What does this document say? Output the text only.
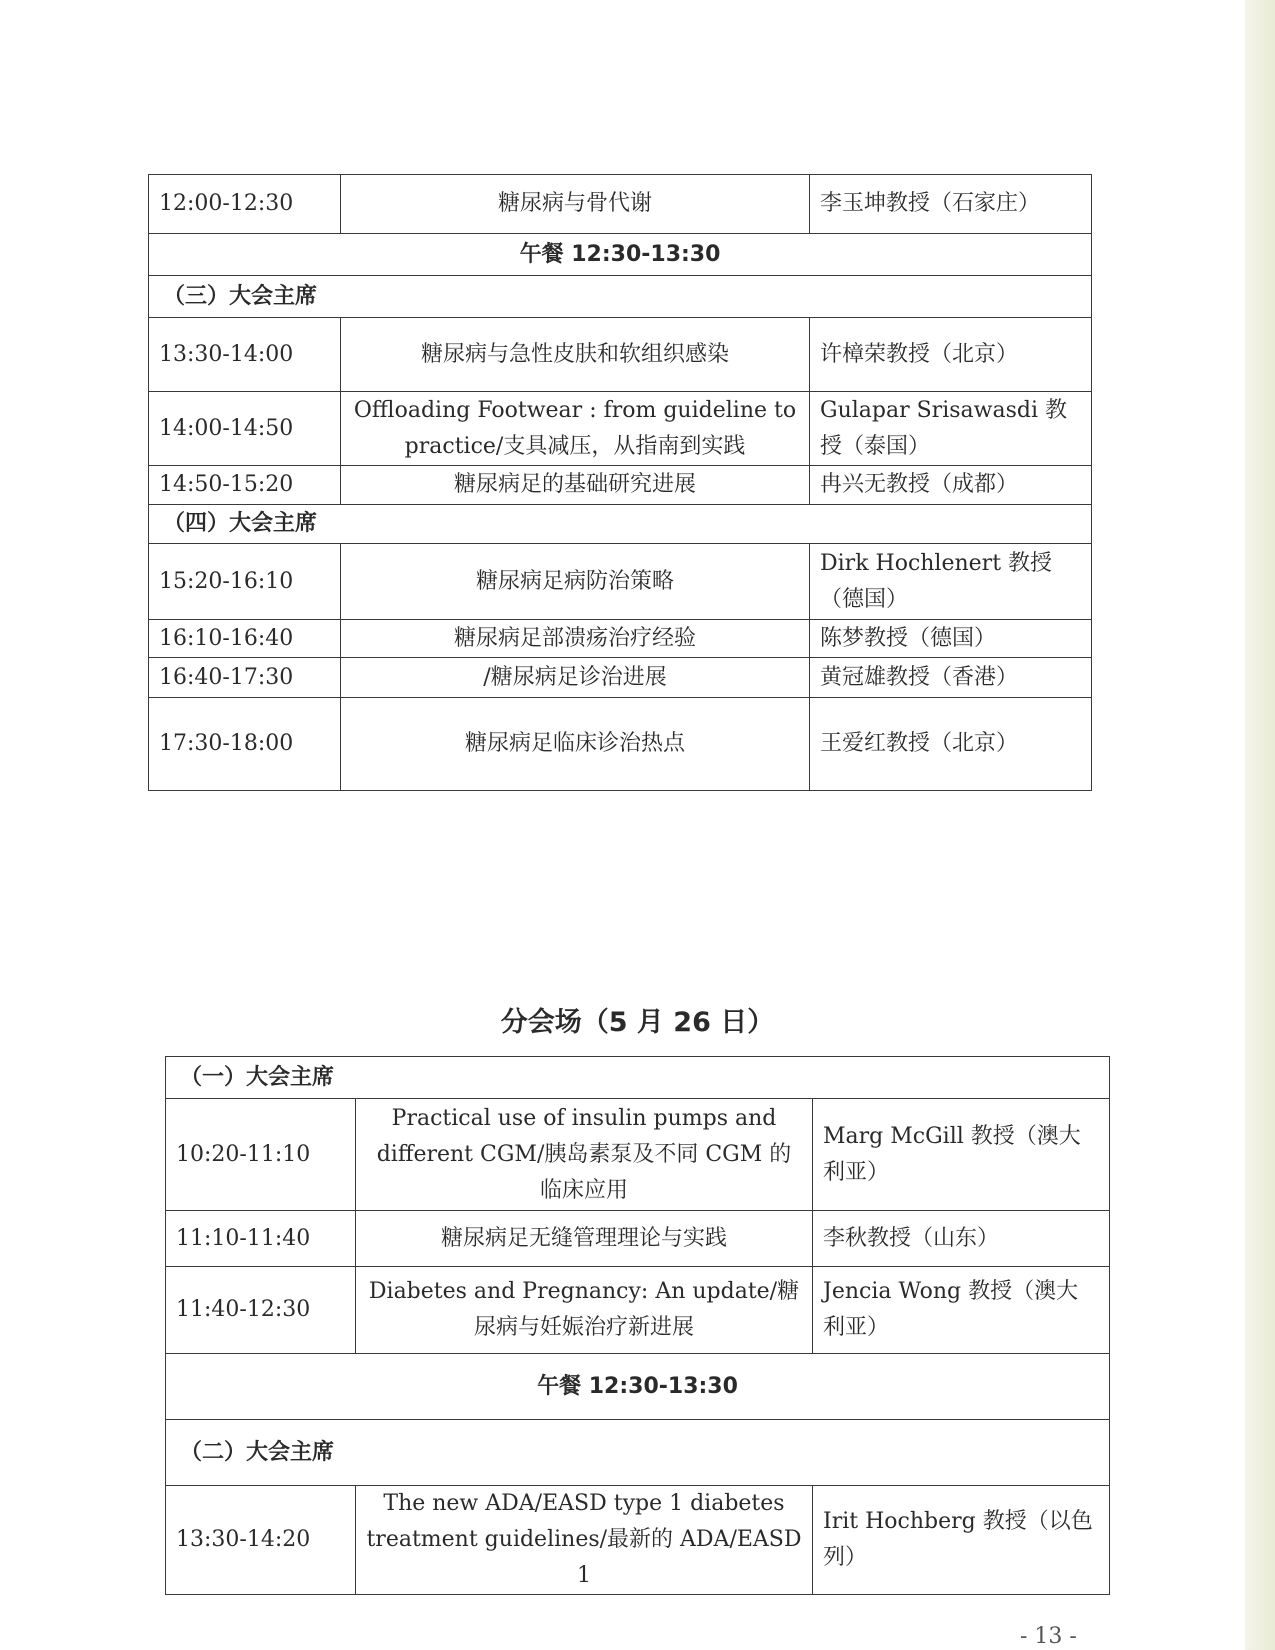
12:00-12:30	糖尿病与骨代谢	李玉坤教授（石家庄）
午餐 12:30-13:30		
（三）大会主席		
13:30-14:00	糖尿病与急性皮肤和软组织感染	许樟荣教授（北京）
14:00-14:50	Offloading Footwear : from guideline to practice/支具减压，从指南到实践	Gulapar Srisawasdi 教授（泰国）
14:50-15:20	糖尿病足的基础研究进展	冉兴无教授（成都）
（四）大会主席		
15:20-16:10	糖尿病足病防治策略	Dirk Hochlenert 教授（德国）
16:10-16:40	糖尿病足部溃疡治疗经验	陈梦教授（德国）
16:40-17:30	/糖尿病足诊治进展	黄冠雄教授（香港）
17:30-18:00	糖尿病足临床诊治热点	王爱红教授（北京）
分会场（5 月 26 日）
（一）大会主席		
10:20-11:10	Practical use of insulin pumps and different CGM/胰岛素泵及不同 CGM 的临床应用	Marg McGill 教授（澳大利亚）
11:10-11:40	糖尿病足无缝管理理论与实践	李秋教授（山东）
11:40-12:30	Diabetes and Pregnancy: An update/糖尿病与妊娠治疗新进展	Jencia Wong 教授（澳大利亚）
午餐 12:30-13:30		
（二）大会主席		
13:30-14:20	The new ADA/EASD type 1 diabetes treatment guidelines/最新的 ADA/EASD 1	Irit Hochberg 教授（以色列）
- 13 -
